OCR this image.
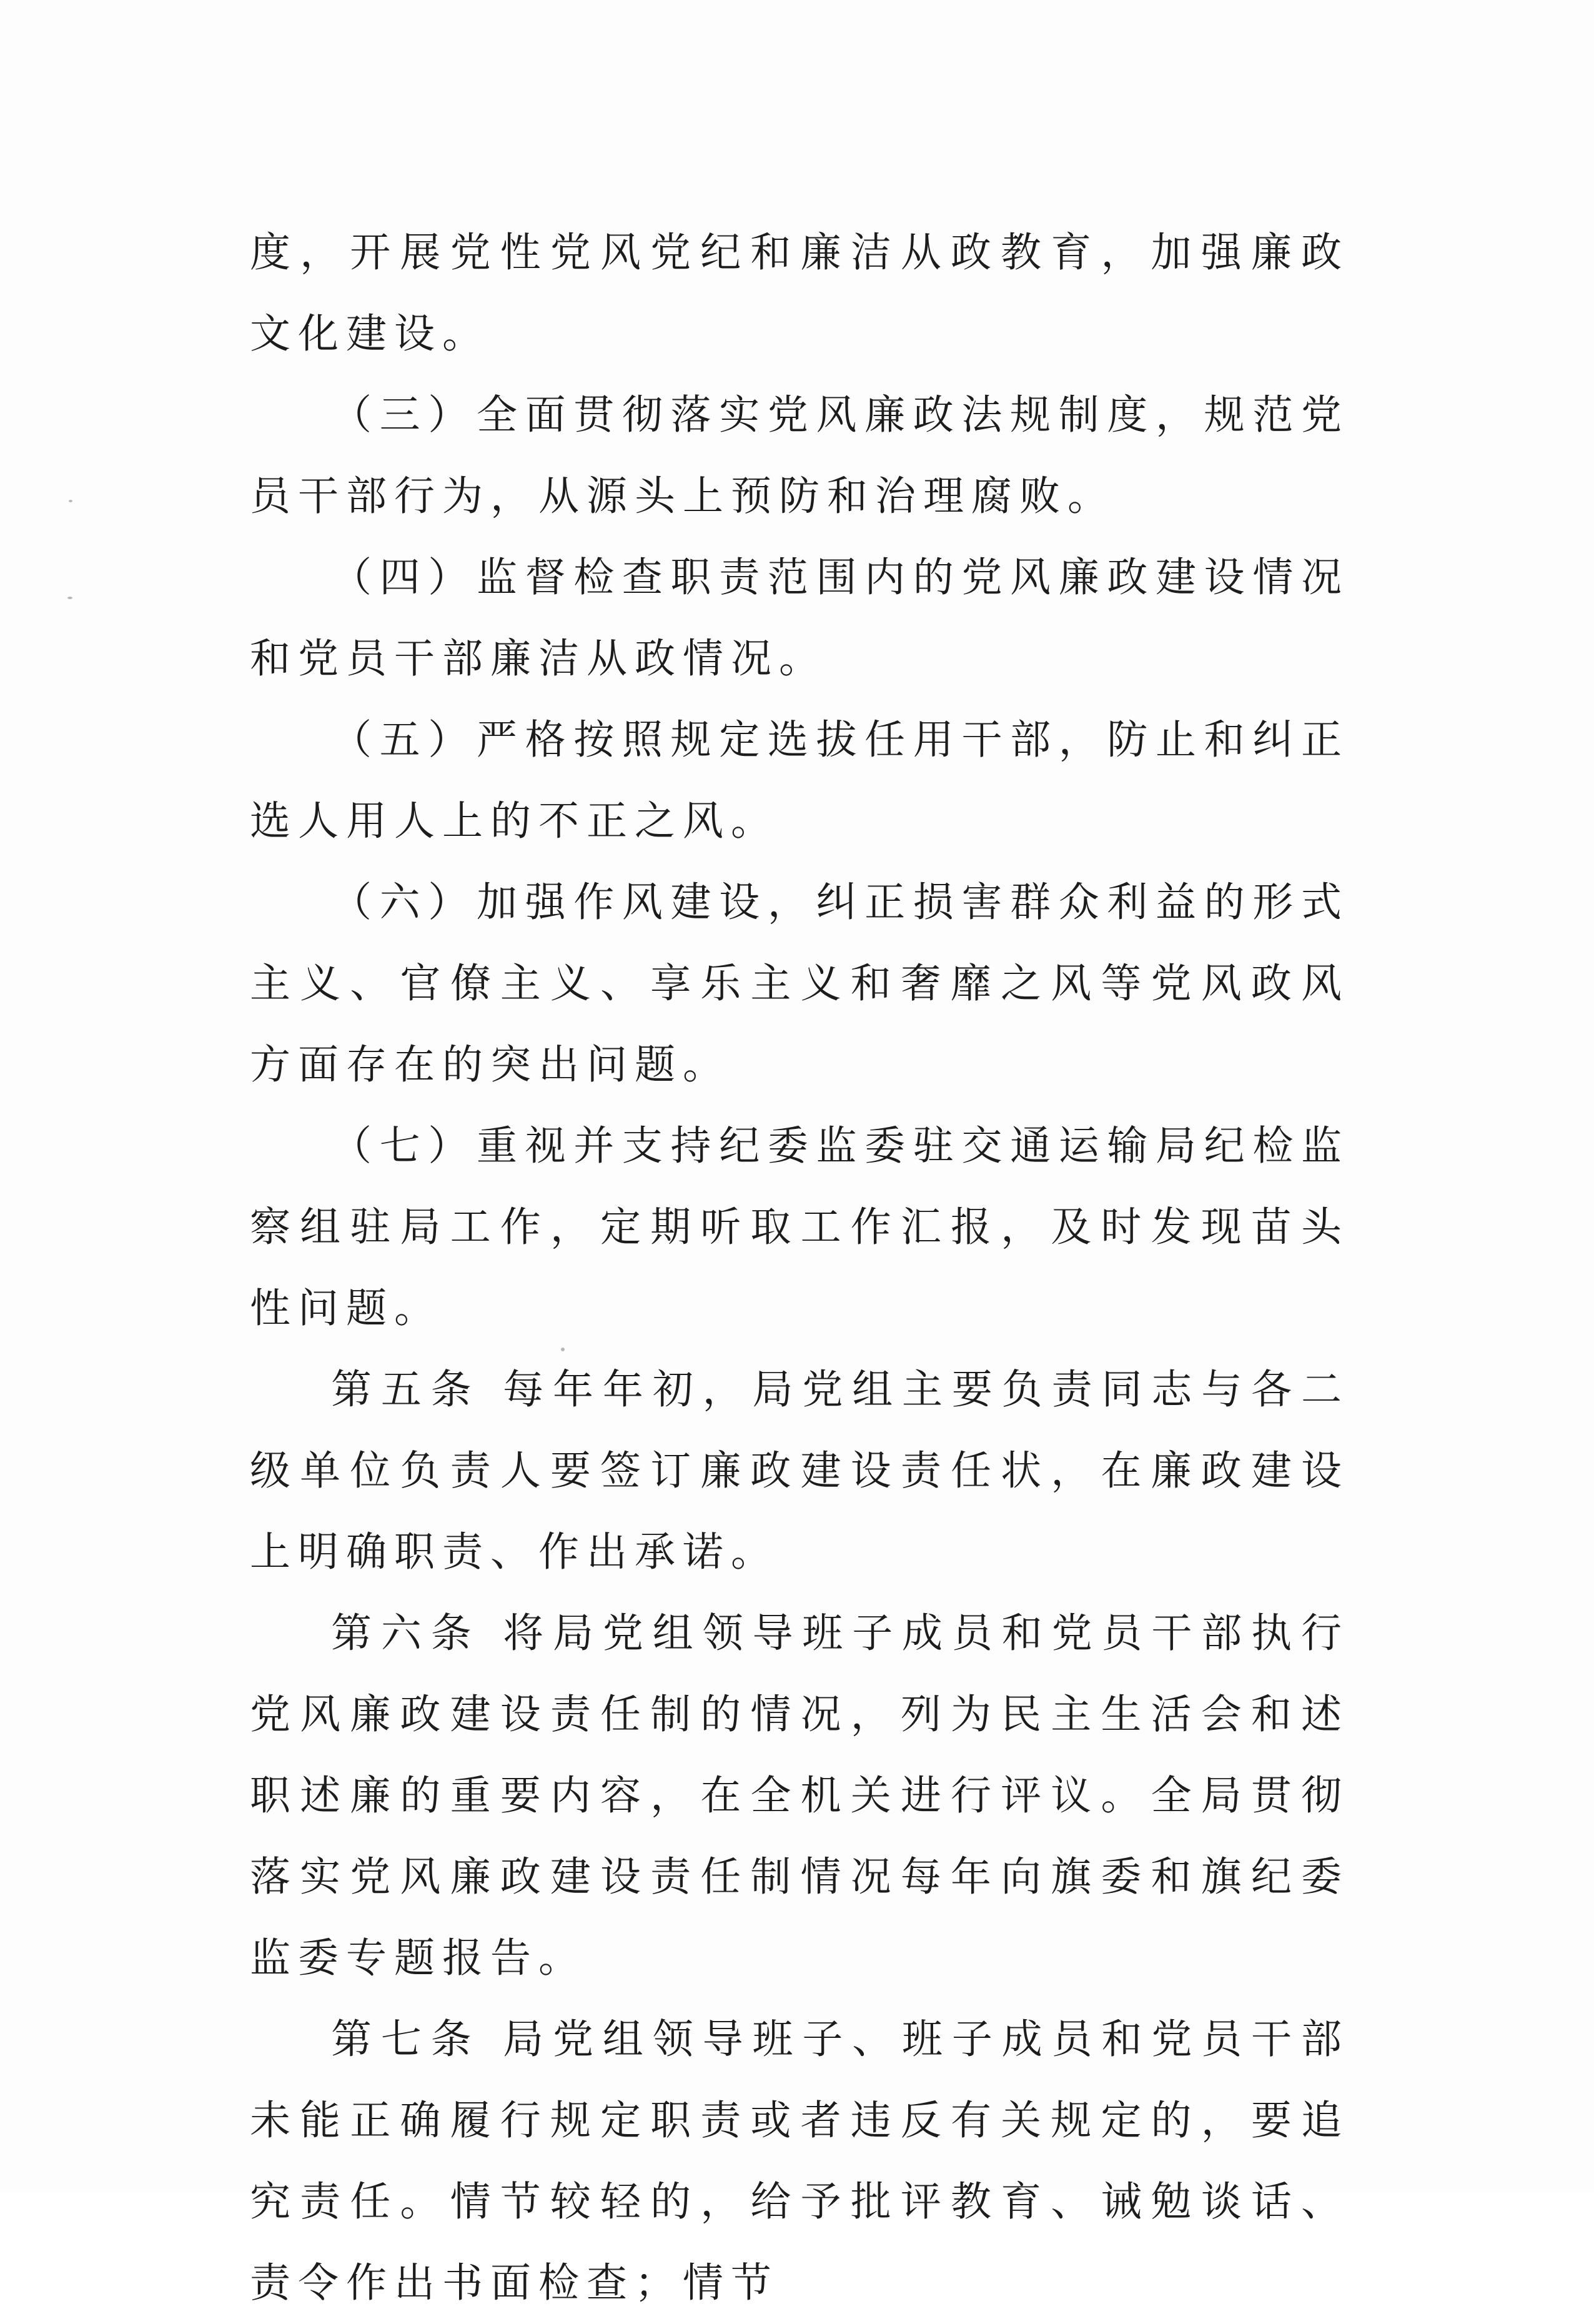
度，开展党性党风党纪和廉洁从政教育，加强廉政文化建设。

（三）全面贯彻落实党风廉政法规制度，规范党员干部行为，从源头上预防和治理腐败。

（四）监督检查职责范围内的党风廉政建设情况和党员干部廉洁从政情况。

（五）严格按照规定选拔任用干部，防止和纠正选人用人上的不正之风。

（六）加强作风建设，纠正损害群众利益的形式主义、官僚主义、享乐主义和奢靡之风等党风政风方面存在的突出问题。

（七）重视并支持纪委监委驻交通运输局纪检监察组驻局工作，定期听取工作汇报，及时发现苗头性问题。

第五条 每年年初，局党组主要负责同志与各二级单位负责人要签订廉政建设责任状，在廉政建设上明确职责、作出承诺。

第六条 将局党组领导班子成员和党员干部执行党风廉政建设责任制的情况，列为民主生活会和述职述廉的重要内容，在全机关进行评议。全局贯彻落实党风廉政建设责任制情况每年向旗委和旗纪委监委专题报告。

第七条 局党组领导班子、班子成员和党员干部未能正确履行规定职责或者违反有关规定的，要追究责任。情节较轻的，给予批评教育、诫勉谈话、责令作出书面检查；情节
